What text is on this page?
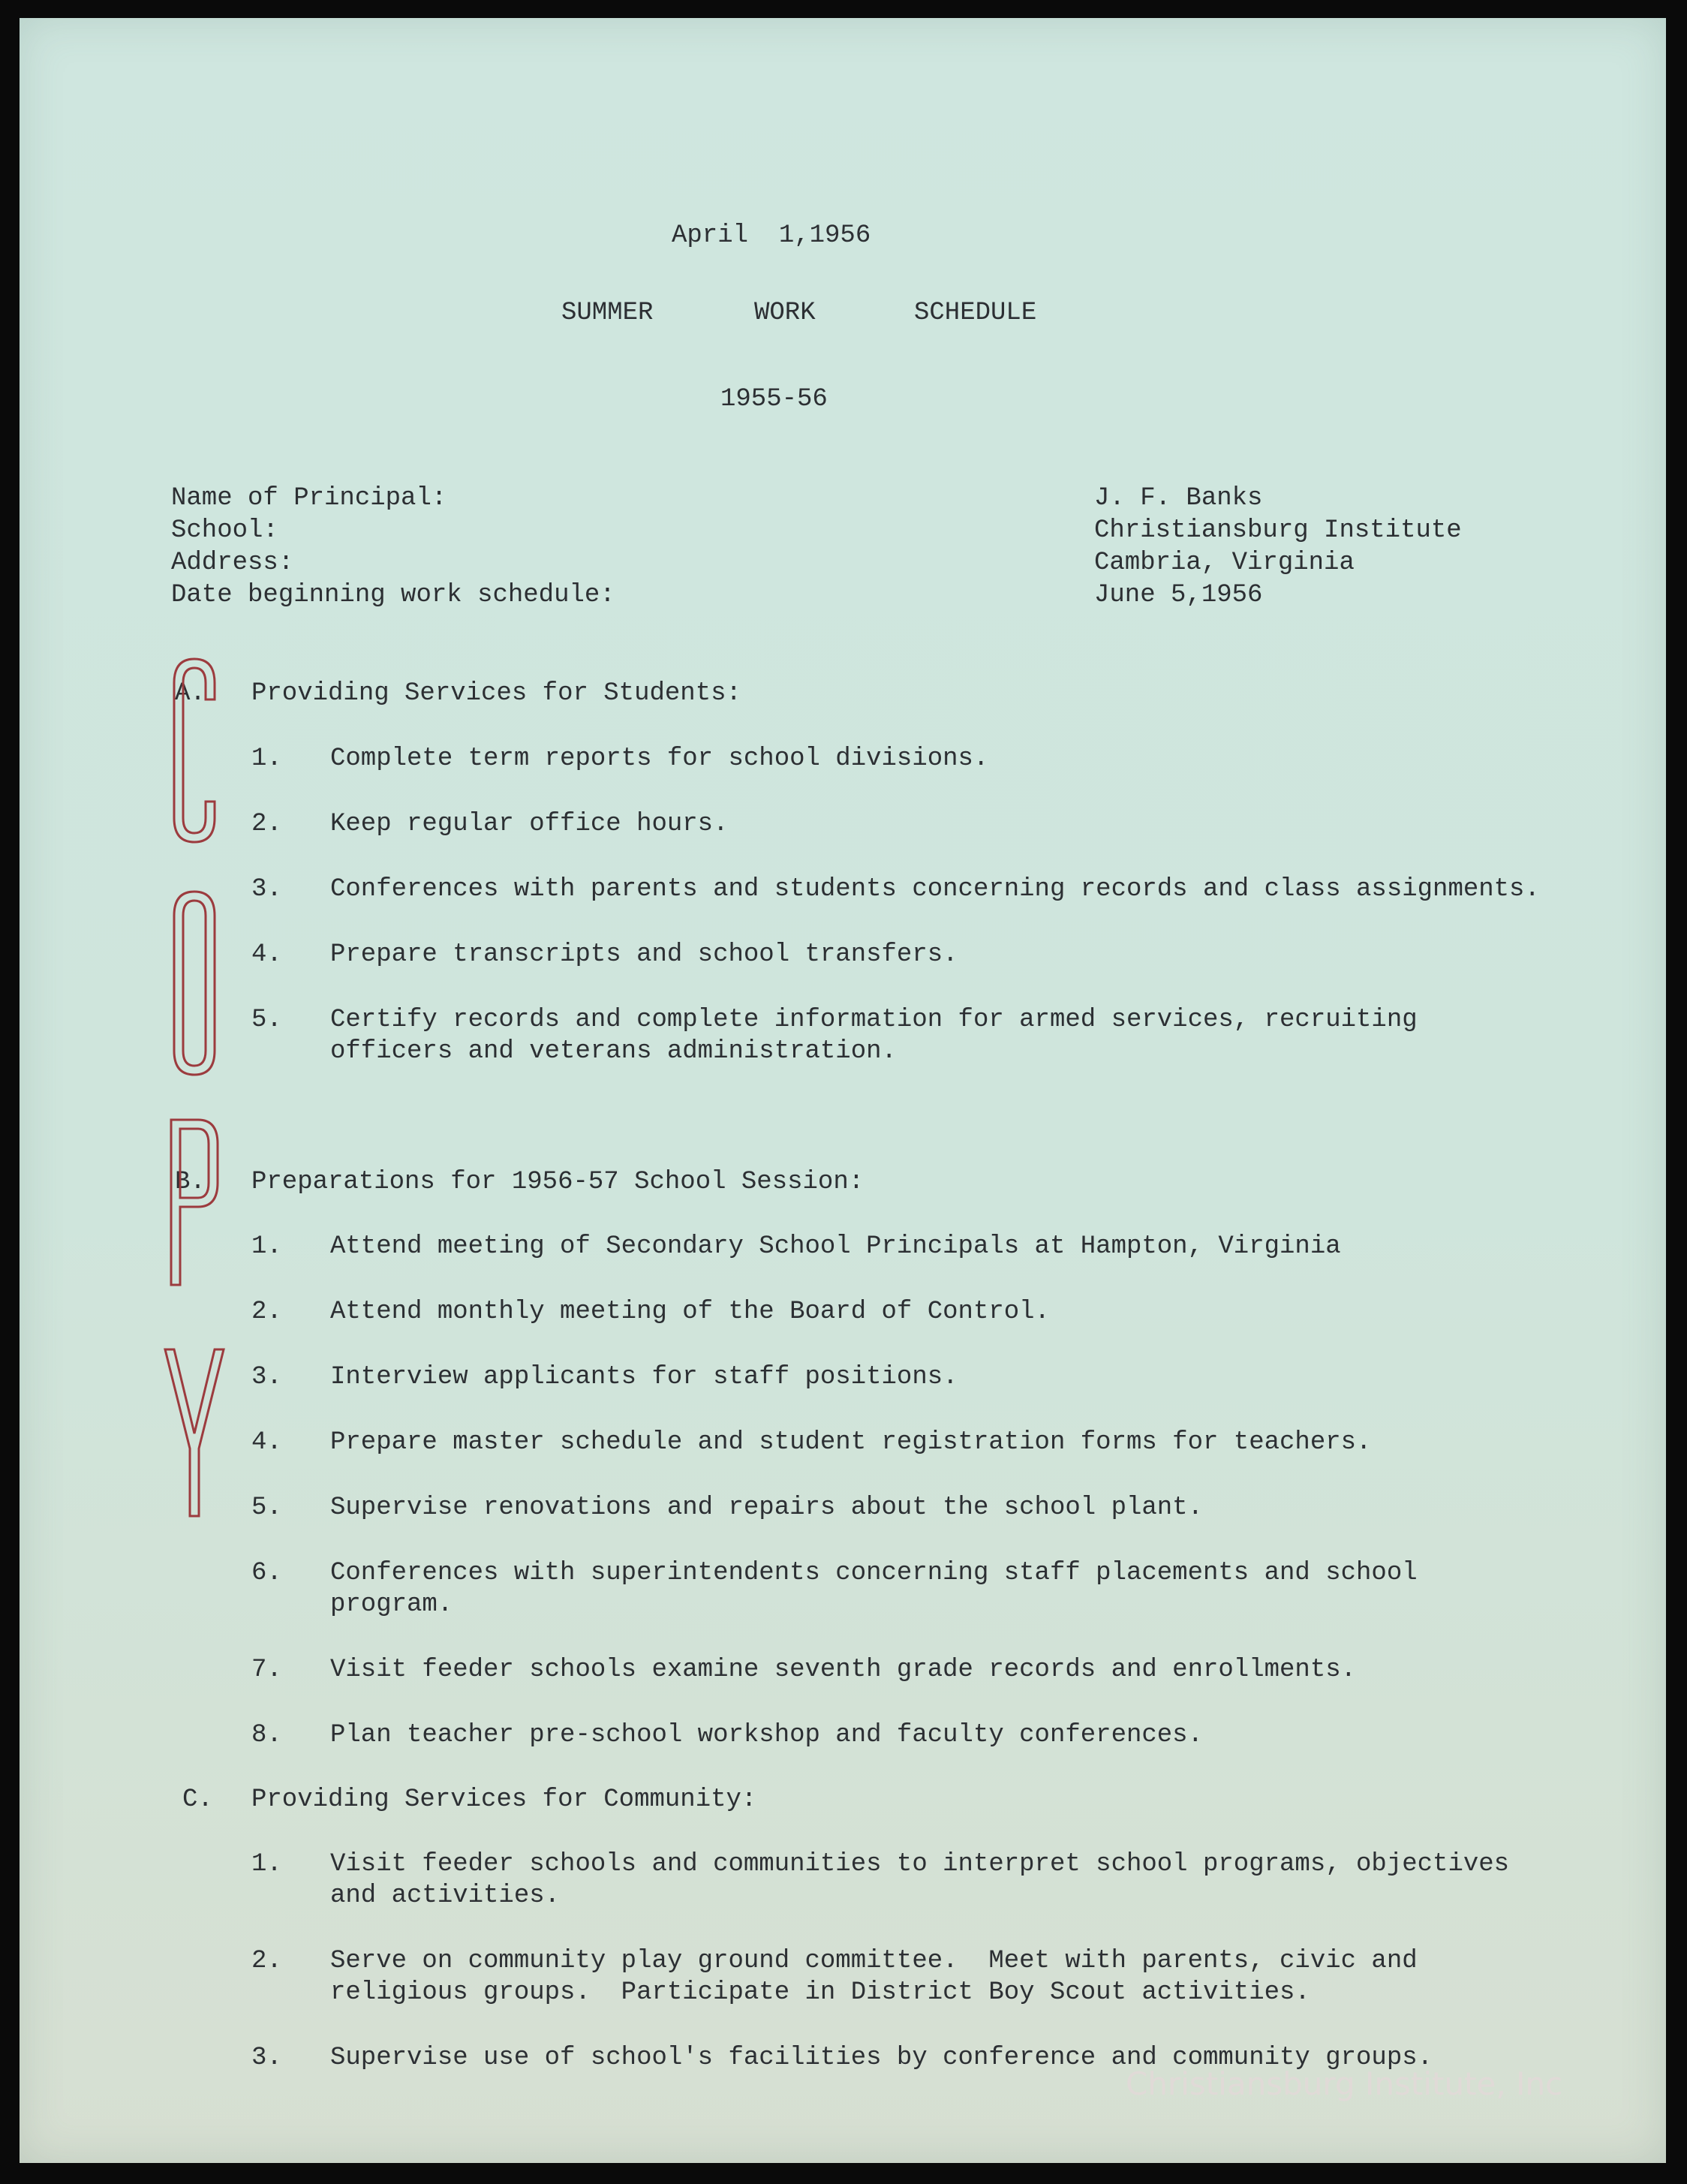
April  1,1956
SUMMER	WORK	SCHEDULE
1955-56
Name of Principal:
School:
Address:
Date beginning work schedule:
J. F. Banks
Christiansburg Institute
Cambria, Virginia
June 5,1956
A. Providing Services for Students:
1. Complete term reports for school divisions.
2. Keep regular office hours.
3. Conferences with parents and students concerning records and class assignments.
4. Prepare transcripts and school transfers.
5. Certify records and complete information for armed services, recruiting
officers and veterans administration.
B. Preparations for 1956-57 School Session:
1. Attend meeting of Secondary School Principals at Hampton, Virginia
2. Attend monthly meeting of the Board of Control.
3. Interview applicants for staff positions.
4. Prepare master schedule and student registration forms for teachers.
5. Supervise renovations and repairs about the school plant.
6. Conferences with superintendents concerning staff placements and school
program.
7. Visit feeder schools examine seventh grade records and enrollments.
8. Plan teacher pre-school workshop and faculty conferences.
C. Providing Services for Community:
1. Visit feeder schools and communities to interpret school programs, objectives
and activities.
2. Serve on community play ground committee.  Meet with parents, civic and
religious groups.  Participate in District Boy Scout activities.
3. Supervise use of school's facilities by conference and community groups.
Christiansburg Institute, Inc
